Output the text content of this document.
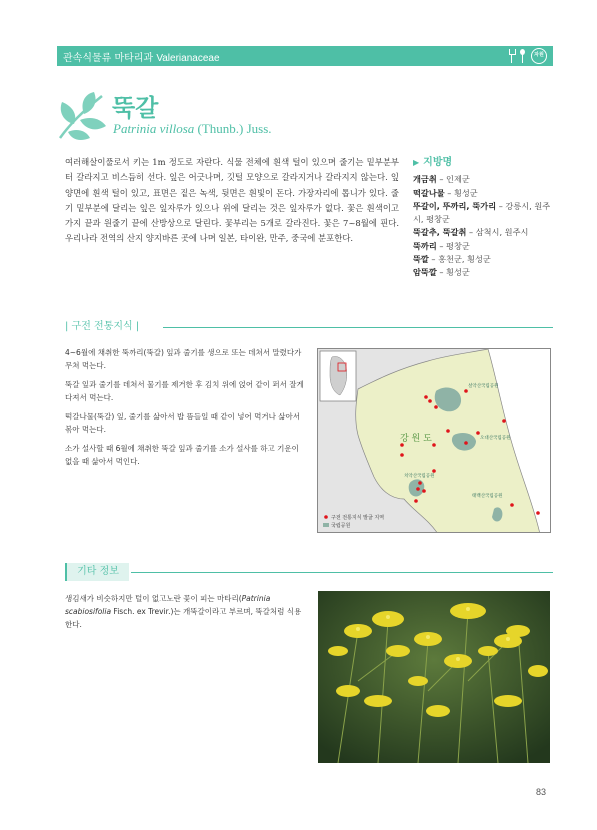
관속식물류 마타리과 Valerianaceae	자원
뚝갈
Patrinia villosa (Thunb.) Juss.
여러해살이풀로서 키는 1m 정도로 자란다. 식물 전체에 흰색 털이 있으며 줄기는 밑부분부터 갈라지고 비스듬히 선다. 잎은 어긋나며, 깃털 모양으로 갈라지거나 갈라지지 않는다. 잎 양면에 흰색 털이 있고, 표면은 짙은 녹색, 뒷면은 흰빛이 돈다. 가장자리에 톱니가 있다. 줄기 밑부분에 달리는 잎은 잎자루가 있으나 위에 달리는 것은 잎자루가 없다. 꽃은 흰색이고 가지 끝과 원줄기 끝에 산방상으로 달린다. 꽃부리는 5개로 갈라진다. 꽃은 7~8월에 핀다. 우리나라 전역의 산지 양지바른 곳에 나며 일본, 타이완, 만주, 중국에 분포한다.
▶ 지방명
개금취 – 인제군
떡갈나물 – 횡성군
뚜갈이, 뚜까리, 뚝가리 – 강릉시, 원주시, 평창군
뚝갈추, 뚝갈취 – 삼척시, 원주시
뚝까리 – 평창군
뚝깔 – 홍천군, 횡성군
암뚝깔 – 횡성군
| 구전 전통지식 |

4~6월에 채취한 뚝까리(뚝갈) 잎과 줄기를 생으로 또는 데쳐서 말렸다가 무쳐 먹는다.

뚝갈 잎과 줄기를 데쳐서 물기를 제거한 후 김치 위에 얹어 같이 퍼서 잘게 다져서 먹는다.

떡갈나물(뚝갈) 잎, 줄기를 삶아서 밥 뜸들일 때 같이 넣어 먹거나 삶아서 볶아 먹는다.

소가 설사할 때 6월에 채취한 뚝갈 잎과 줄기를 소가 설사를 하고 기운이 없을 때 삶아서 먹인다.

강 원 도
설악산국립공원
오대산국립공원
치악산국립공원
태백산국립공원
구전 전통지식 발굴 지역
국립공원
기타 정보
생김새가 비슷하지만 털이 없고노란 꽃이 피는 마타리(Patrinia scabiosifolia Fisch. ex Trevir.)는 개뚝갈이라고 부르며, 뚝갈처럼 식용한다.
83
